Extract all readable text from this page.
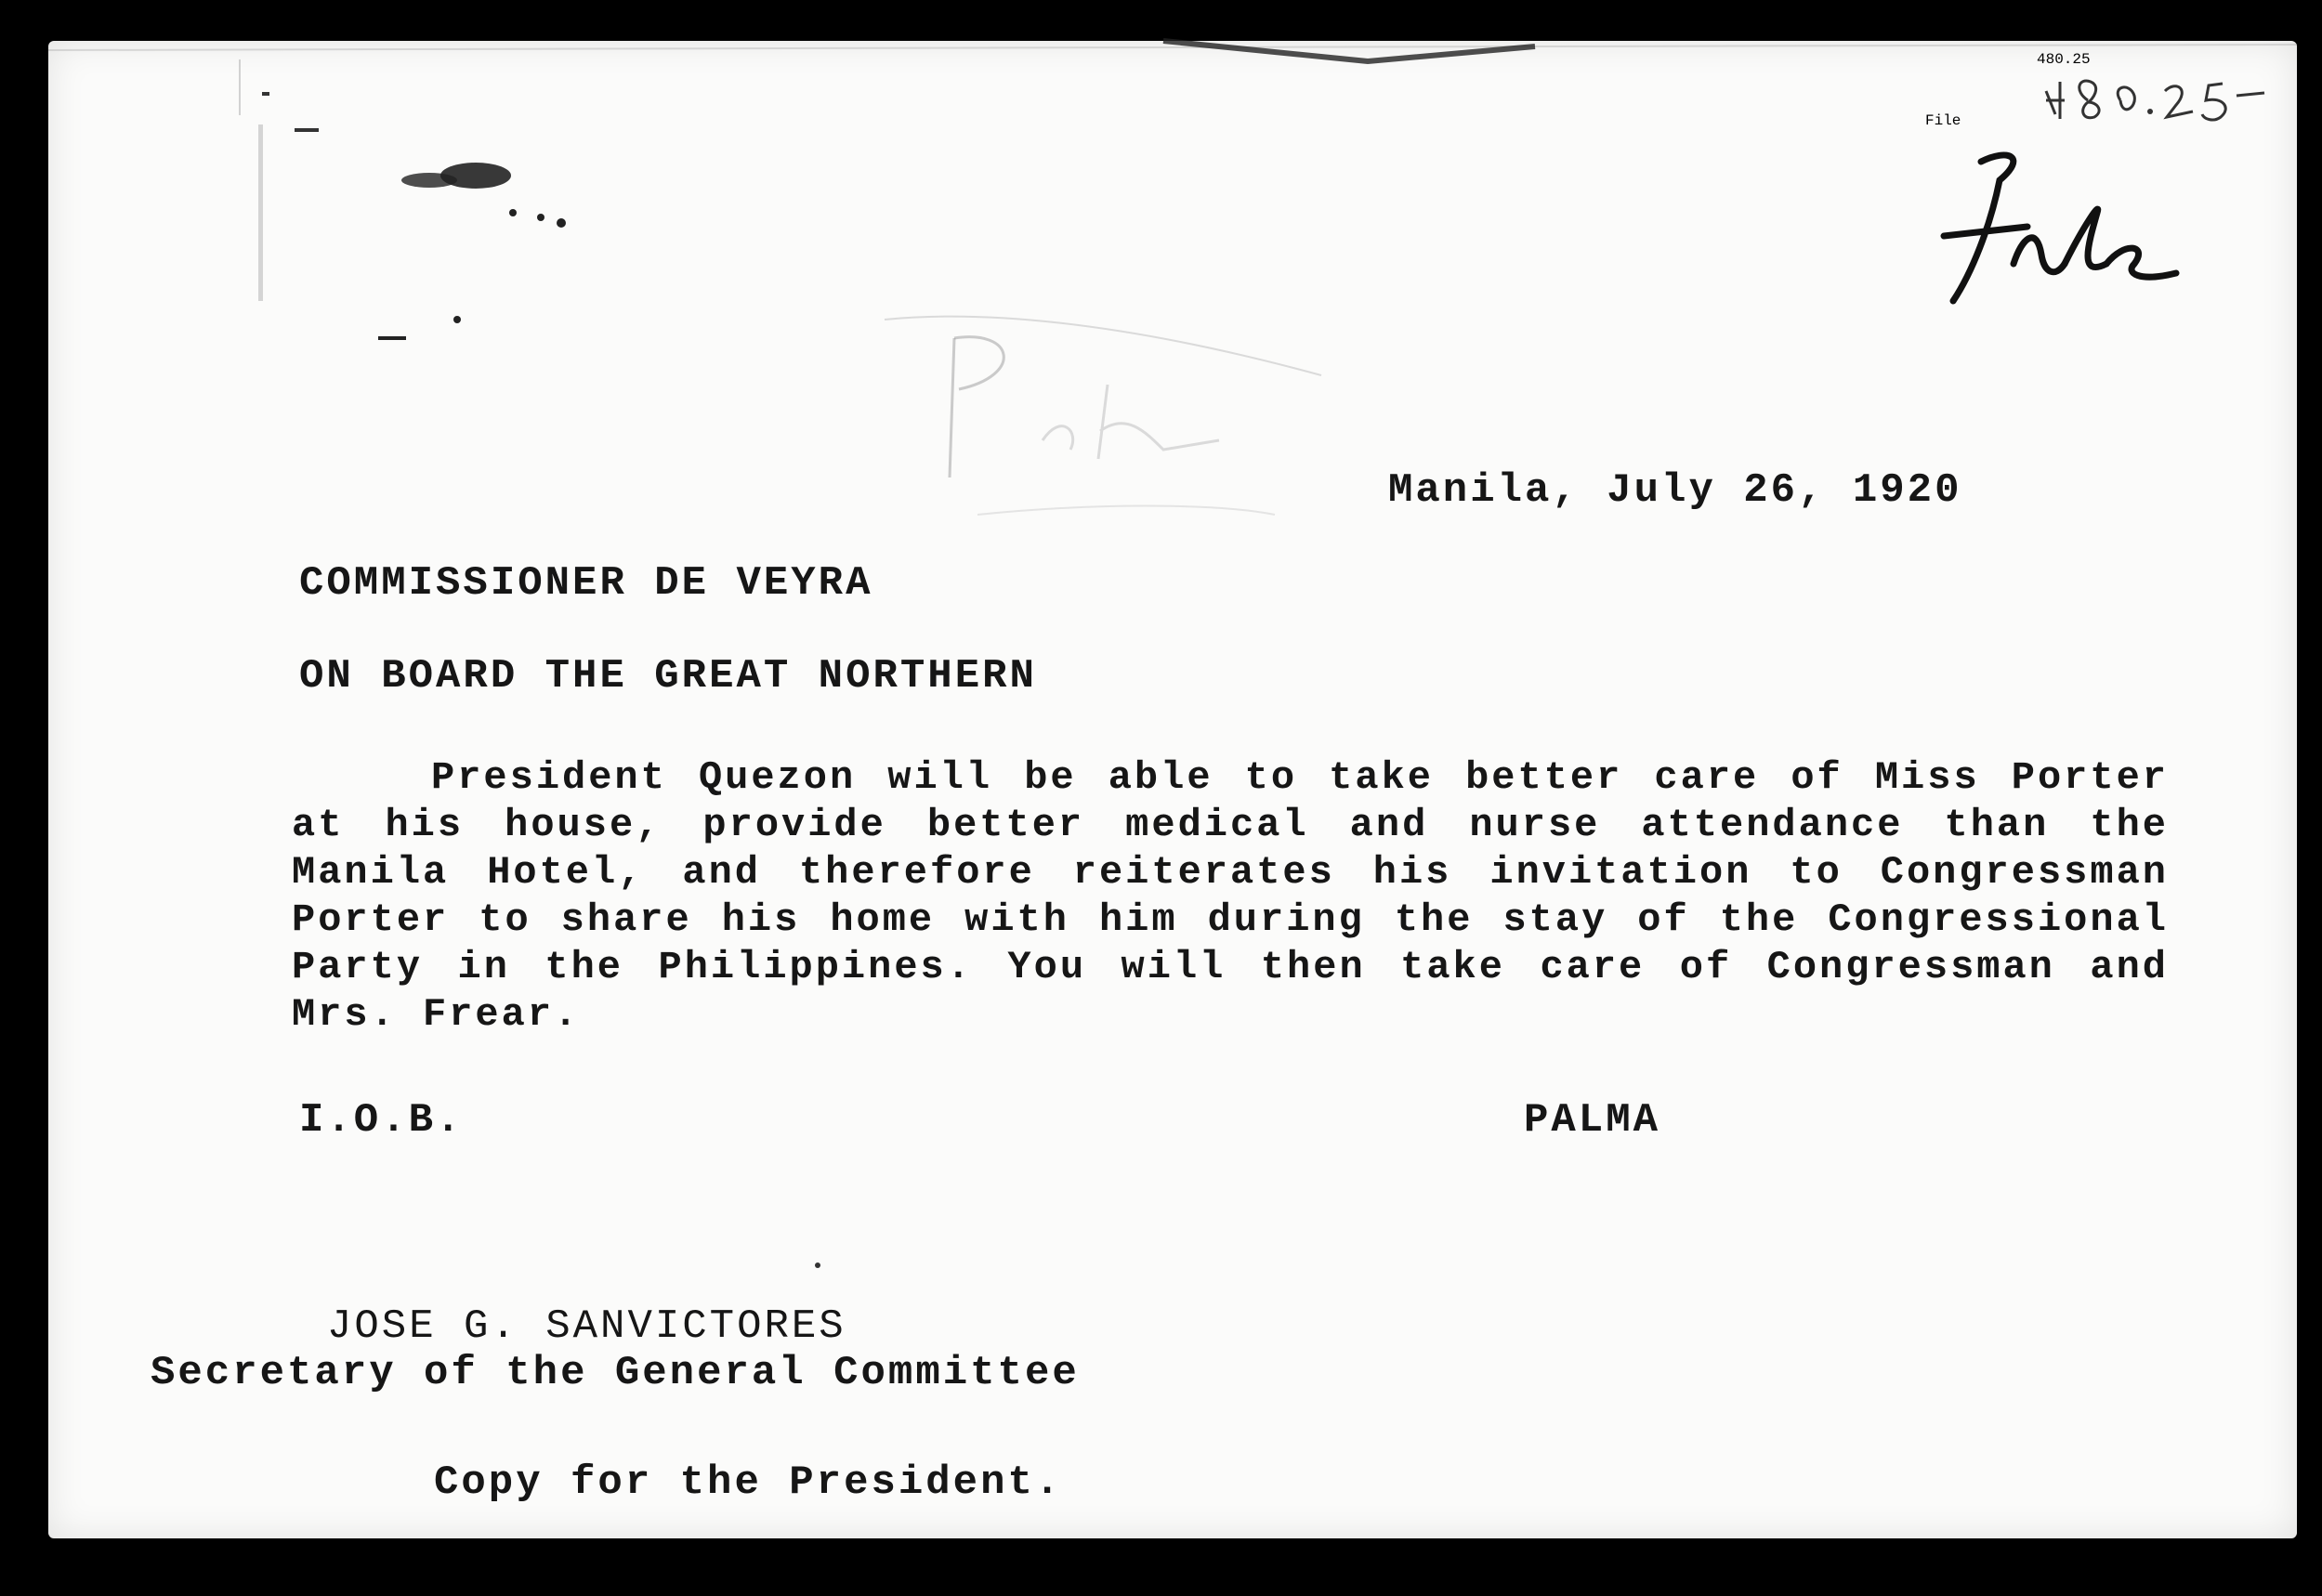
480.25
File
Manila, July 26, 1920
COMMISSIONER DE VEYRA
ON BOARD THE GREAT NORTHERN
President Quezon will be able to take better care of Miss Porter at his house, provide better medical and nurse attendance than the Manila Hotel, and therefore reiterates his invitation to Congressman Porter to share his home with him during the stay of the Congressional Party in the Philippines. You will then take care of Congressman and Mrs. Frear.
I.O.B.	PALMA
JOSE G. SANVICTORES
Secretary of the General Committee
Copy for the President.
